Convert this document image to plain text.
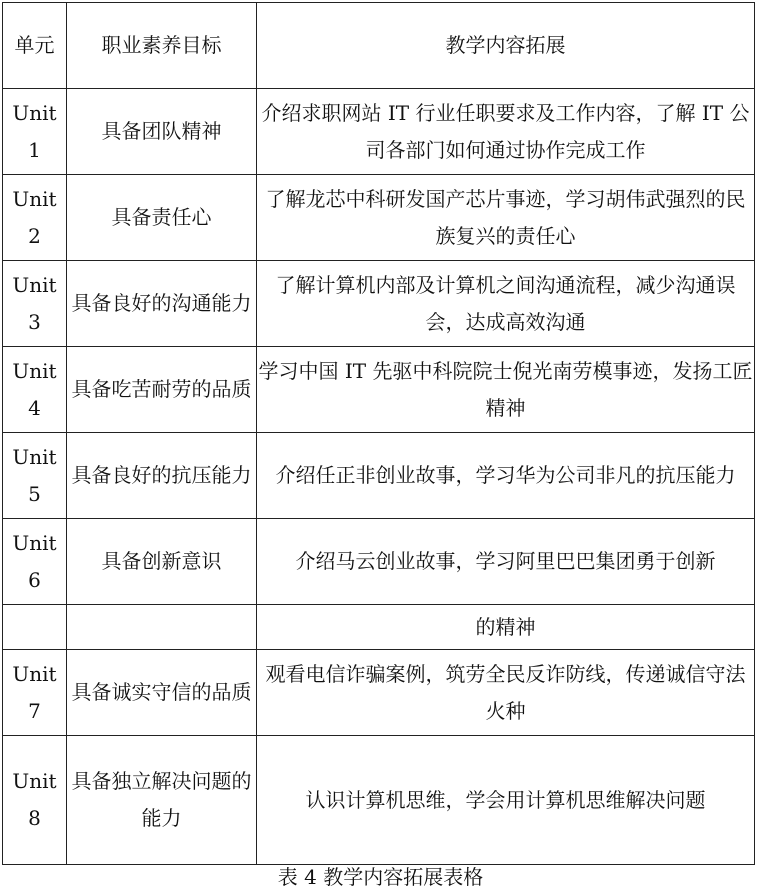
单元	职业素养目标	教学内容拓展
Unit 1	具备团队精神	介绍求职网站 IT 行业任职要求及工作内容，了解 IT 公司各部门如何通过协作完成工作
Unit 2	具备责任心	了解龙芯中科研发国产芯片事迹，学习胡伟武强烈的民族复兴的责任心
Unit 3	具备良好的沟通能力	了解计算机内部及计算机之间沟通流程，减少沟通误会，达成高效沟通
Unit 4	具备吃苦耐劳的品质	学习中国 IT 先驱中科院院士倪光南劳模事迹，发扬工匠精神
Unit 5	具备良好的抗压能力	介绍任正非创业故事，学习华为公司非凡的抗压能力
Unit 6	具备创新意识	介绍马云创业故事，学习阿里巴巴集团勇于创新
		的精神
Unit 7	具备诚实守信的品质	观看电信诈骗案例，筑劳全民反诈防线，传递诚信守法火种
Unit 8	具备独立解决问题的能力	认识计算机思维，学会用计算机思维解决问题
表 4 教学内容拓展表格
